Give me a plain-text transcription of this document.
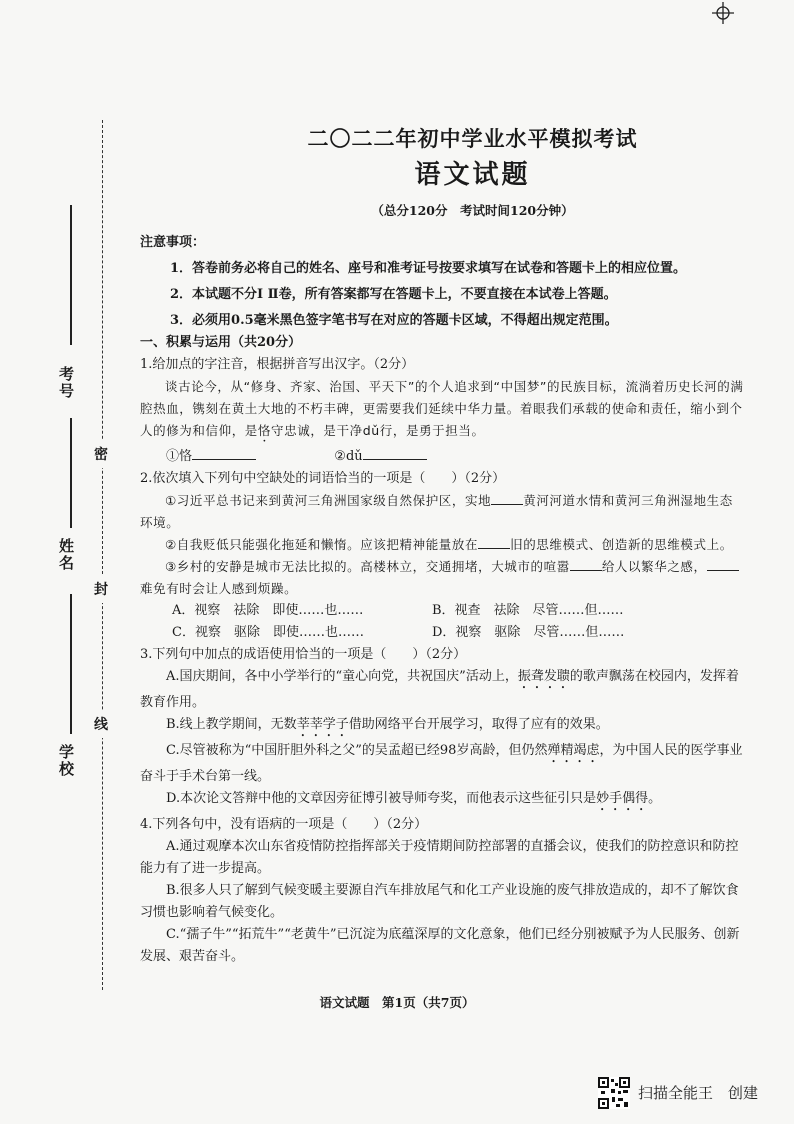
考号
姓名
学校
密
封
线
二〇二二年初中学业水平模拟考试
语文试题
（总分120分　考试时间120分钟）
注意事项：
1．答卷前务必将自己的姓名、座号和准考证号按要求填写在试卷和答题卡上的相应位置。
2．本试题不分Ⅰ Ⅱ卷，所有答案都写在答题卡上，不要直接在本试卷上答题。
3．必须用0.5毫米黑色签字笔书写在对应的答题卡区域，不得超出规定范围。
一、积累与运用（共20分）
1.给加点的字注音，根据拼音写出汉字。（2分）
谈古论今，从“修身、齐家、治国、平天下”的个人追求到“中国梦”的民族目标，流淌着历史长河的满腔热血，镌刻在黄土大地的不朽丰碑，更需要我们延续中华力量。着眼我们承载的使命和责任，缩小到个人的修为和信仰，是恪守忠诚，是干净dǔ行，是勇于担当。
①恪	②dǔ
2.依次填入下列句中空缺处的词语恰当的一项是（　　）（2分）
①习近平总书记来到黄河三角洲国家级自然保护区，实地	黄河河道水情和黄河三角洲湿地生态环境。
②自我贬低只能强化拖延和懒惰。应该把精神能量放在	旧的思维模式、创造新的思维模式上。
③乡村的安静是城市无法比拟的。高楼林立，交通拥堵，大城市的喧嚣	给人以繁华之感，难免有时会让人感到烦躁。
A．视察　祛除　即使……也……	B．视查　祛除　尽管……但……
C．视察　驱除　即使……也……	D．视察　驱除　尽管……但……
3.下列句中加点的成语使用恰当的一项是（　　）（2分）
A.国庆期间，各中小学举行的“童心向党，共祝国庆”活动上，振聋发聩的歌声飘荡在校园内，发挥着教育作用。
B.线上教学期间，无数莘莘学子借助网络平台开展学习，取得了应有的效果。
C.尽管被称为“中国肝胆外科之父”的吴孟超已经98岁高龄，但仍然殚精竭虑，为中国人民的医学事业奋斗于手术台第一线。
D.本次论文答辩中他的文章因旁征博引被导师夸奖，而他表示这些征引只是妙手偶得。
4.下列各句中，没有语病的一项是（　　）（2分）
A.通过观摩本次山东省疫情防控指挥部关于疫情期间防控部署的直播会议，使我们的防控意识和防控能力有了进一步提高。
B.很多人只了解到气候变暖主要源自汽车排放尾气和化工产业设施的废气排放造成的，却不了解饮食习惯也影响着气候变化。
C.“孺子牛”“拓荒牛”“老黄牛”已沉淀为底蕴深厚的文化意象，他们已经分别被赋予为人民服务、创新发展、艰苦奋斗。
语文试题　第1页（共7页）
扫描全能王　创建
